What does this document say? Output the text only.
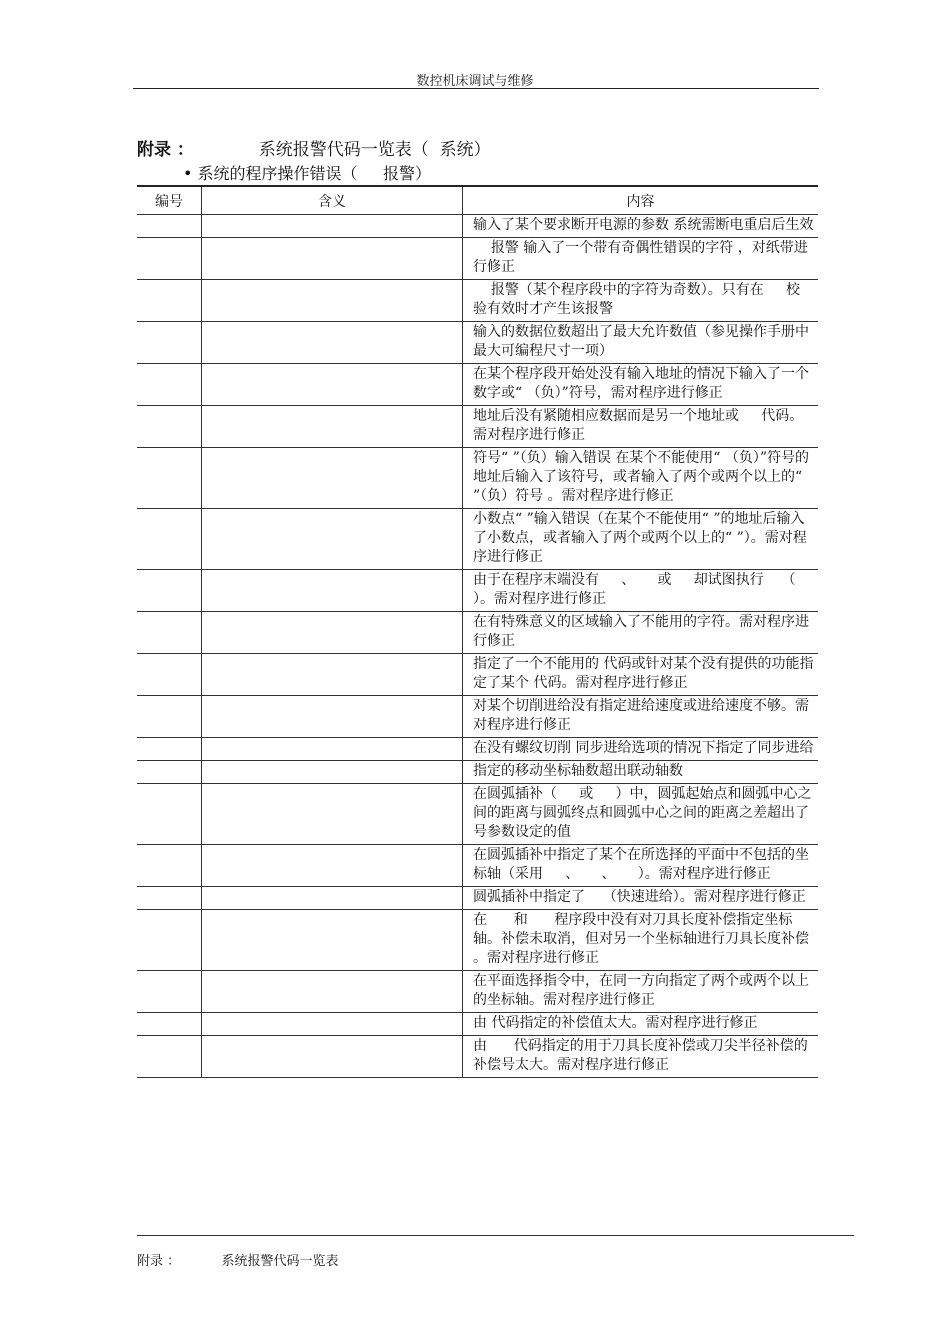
数控机床调试与维修
附录 ：	系统报警代码一览表（  系统）
• 系统的程序操作错误（     报警）
编号	含义	内容
		输入了某个要求断开电源的参数 系统需断电重启后生效
		报警 输入了一个带有奇偶性错误的字符 ，对纸带进行修正
		报警（某个程序段中的字符为奇数）。只有在     校验有效时才产生该报警
		输入的数据位数超出了最大允许数值（参见操作手册中最大可编程尺寸一项）
		在某个程序段开始处没有输入地址的情况下输入了一个数字或“ （负）”符号，需对程序进行修正
		地址后没有紧随相应数据而是另一个地址或     代码。需对程序进行修正
		符号“ ”（负）输入错误 在某个不能使用“ （负）”符号的地址后输入了该符号，或者输入了两个或两个以上的“ ”（负）符号 。需对程序进行修正
		小数点“ ”输入错误（在某个不能使用“ ”的地址后输入了小数点，或者输入了两个或两个以上的“ ”）。需对程序进行修正
		由于在程序末端没有     、     或     却试图执行    （ ）。需对程序进行修正
		在有特殊意义的区域输入了不能用的字符。需对程序进行修正
		指定了一个不能用的 代码或针对某个没有提供的功能指定了某个 代码。需对程序进行修正
		对某个切削进给没有指定进给速度或进给速度不够。需对程序进行修正
		在没有螺纹切削 同步进给选项的情况下指定了同步进给
		指定的移动坐标轴数超出联动轴数
		在圆弧插补（     或     ）中，圆弧起始点和圆弧中心之间的距离与圆弧终点和圆弧中心之间的距离之差超出了     号参数设定的值
		在圆弧插补中指定了某个在所选择的平面中不包括的坐标轴（采用     、     、     ）。需对程序进行修正
		圆弧插补中指定了    （快速进给）。需对程序进行修正
		在      和      程序段中没有对刀具长度补偿指定坐标轴。补偿未取消，但对另一个坐标轴进行刀具长度补偿 。需对程序进行修正
		在平面选择指令中，在同一方向指定了两个或两个以上的坐标轴。需对程序进行修正
		由 代码指定的补偿值太大。需对程序进行修正
		由      代码指定的用于刀具长度补偿或刀尖半径补偿的补偿号太大。需对程序进行修正
附录 ：	系统报警代码一览表
